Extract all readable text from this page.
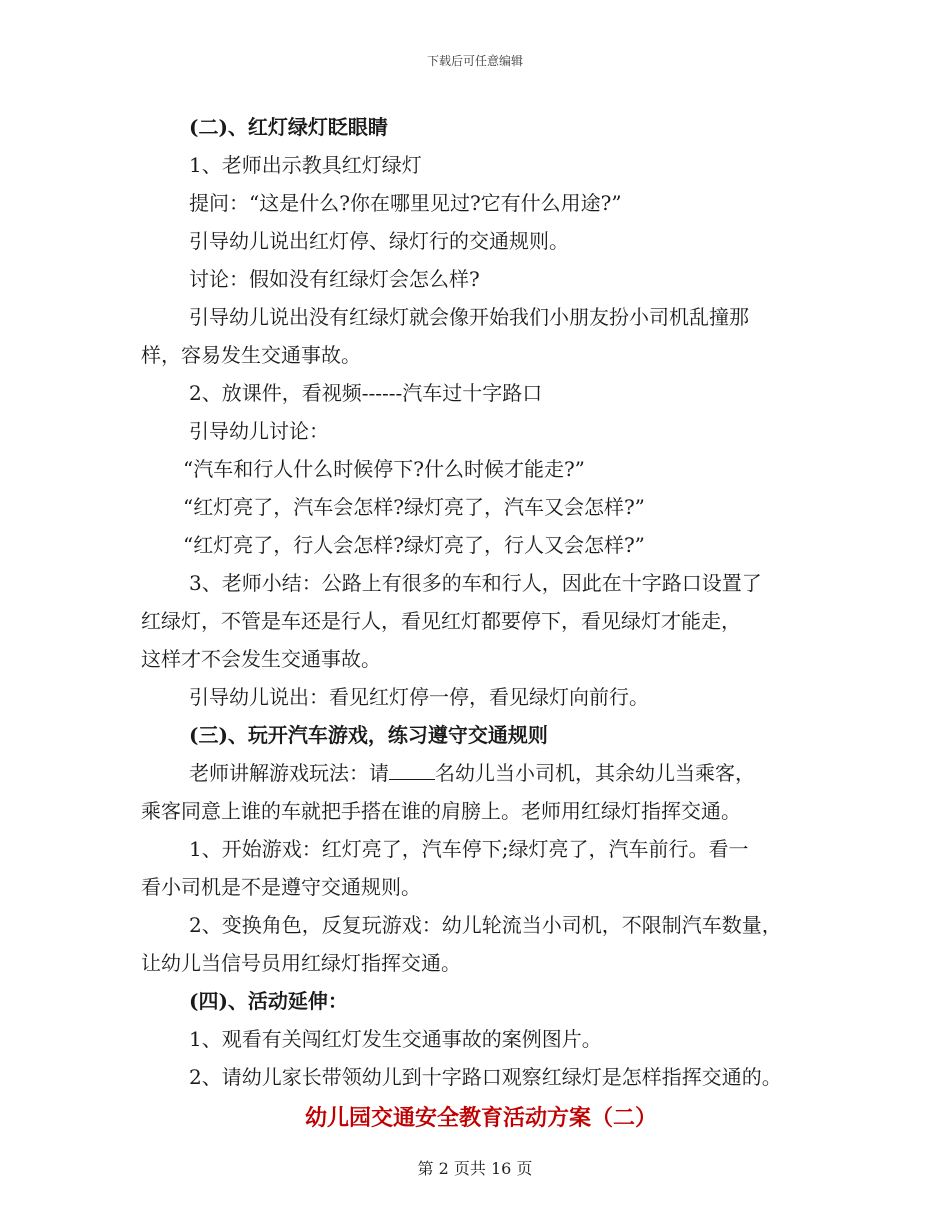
下载后可任意编辑
(二)、红灯绿灯眨眼睛
1、老师出示教具红灯绿灯
提问：“这是什么?你在哪里见过?它有什么用途?”
引导幼儿说出红灯停、绿灯行的交通规则。
讨论：假如没有红绿灯会怎么样?
引导幼儿说出没有红绿灯就会像开始我们小朋友扮小司机乱撞那
样，容易发生交通事故。
2、放课件，看视频------汽车过十字路口
引导幼儿讨论：
“汽车和行人什么时候停下?什么时候才能走?”
“红灯亮了，汽车会怎样?绿灯亮了，汽车又会怎样?”
“红灯亮了，行人会怎样?绿灯亮了，行人又会怎样?”
3、老师小结：公路上有很多的车和行人，因此在十字路口设置了
红绿灯，不管是车还是行人，看见红灯都要停下，看见绿灯才能走，
这样才不会发生交通事故。
引导幼儿说出：看见红灯停一停，看见绿灯向前行。
(三)、玩开汽车游戏，练习遵守交通规则
老师讲解游戏玩法：请 名幼儿当小司机，其余幼儿当乘客，
乘客同意上谁的车就把手搭在谁的肩膀上。老师用红绿灯指挥交通。
1、开始游戏：红灯亮了，汽车停下;绿灯亮了，汽车前行。看一
看小司机是不是遵守交通规则。
2、变换角色，反复玩游戏：幼儿轮流当小司机，不限制汽车数量，
让幼儿当信号员用红绿灯指挥交通。
(四)、活动延伸：
1、观看有关闯红灯发生交通事故的案例图片。
2、请幼儿家长带领幼儿到十字路口观察红绿灯是怎样指挥交通的。
幼儿园交通安全教育活动方案（二）
第 2 页共 16 页
